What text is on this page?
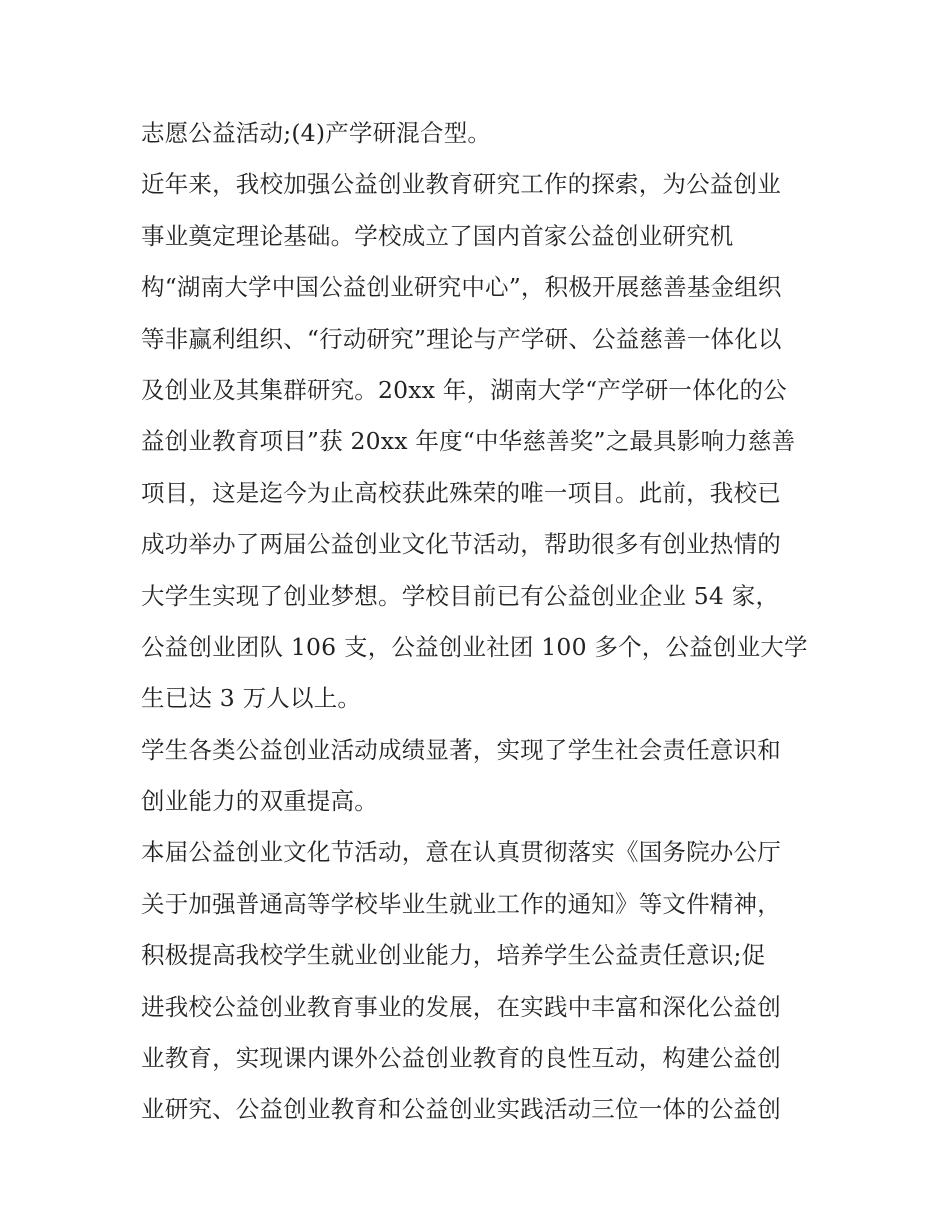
志愿公益活动;(4)产学研混合型。
近年来，我校加强公益创业教育研究工作的探索，为公益创业
事业奠定理论基础。学校成立了国内首家公益创业研究机
构“湖南大学中国公益创业研究中心”，积极开展慈善基金组织
等非赢利组织、“行动研究”理论与产学研、公益慈善一体化以
及创业及其集群研究。20xx 年，湖南大学“产学研一体化的公
益创业教育项目”获 20xx 年度“中华慈善奖”之最具影响力慈善
项目，这是迄今为止高校获此殊荣的唯一项目。此前，我校已
成功举办了两届公益创业文化节活动，帮助很多有创业热情的
大学生实现了创业梦想。学校目前已有公益创业企业 54 家，
公益创业团队 106 支，公益创业社团 100 多个，公益创业大学
生已达 3 万人以上。
学生各类公益创业活动成绩显著，实现了学生社会责任意识和
创业能力的双重提高。
本届公益创业文化节活动，意在认真贯彻落实《国务院办公厅
关于加强普通高等学校毕业生就业工作的通知》等文件精神，
积极提高我校学生就业创业能力，培养学生公益责任意识;促
进我校公益创业教育事业的发展，在实践中丰富和深化公益创
业教育，实现课内课外公益创业教育的良性互动，构建公益创
业研究、公益创业教育和公益创业实践活动三位一体的公益创
